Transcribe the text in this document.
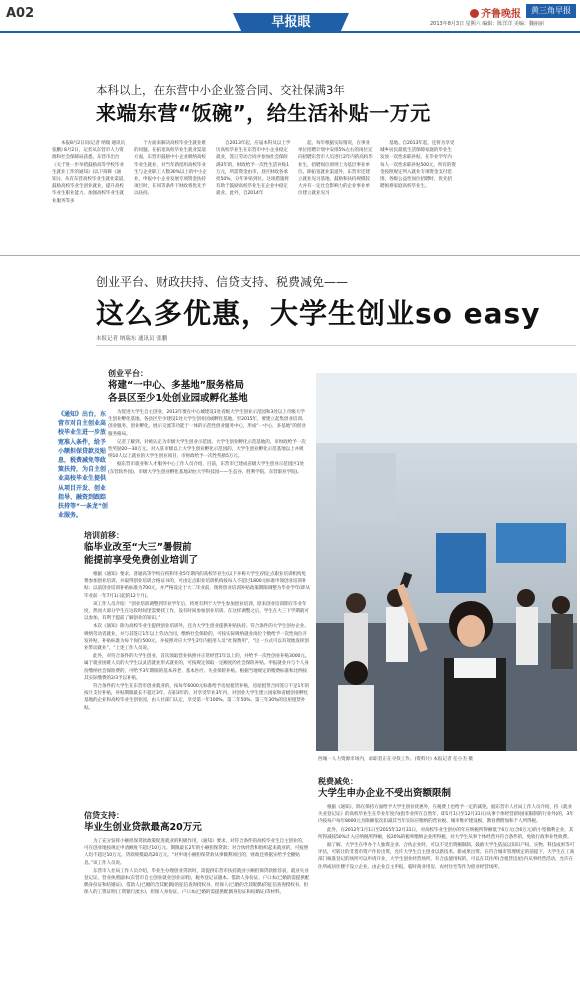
A02
2013年8月3日 星期六 编辑：陈洋洋 美编：魏丽丽
早报眼
齐鲁晚报	黄三角早报
本科以上，在东营中小企业签合同、交社保满3年
来端东营“饭碗”，给生活补贴一万元

本报8月2日讯(记者 纳瑞 通讯员 张鹏) 8月2日，记者从东营市人力资源和社会保障局获悉，东营市出台《关于进一步举措鼓励高等学校毕业生就业工作的通知》(以下简称《通知》)，从有东营高校毕业生就业渠道，鼓励高校毕业生创业就业，提升高校毕业生职业能力，加强高校毕业生就业服务等多

个方面来解决高校毕业生就业难的问题。在拓宽高校毕业生就业渠道方面，东营市鼓励中小企业吸纳高校毕业生就业，对当年新招用高校毕业生与企业职工人数30%以上的中小企业，申报中小企业发展专项资金扶持项目时，在同等条件下财政将优先予以扶持。

自2013年起，应届本科及以上学历高校毕业生在东营市中小企业稳定就业，签订劳动合同并参加社会保险满3年的，财政给予一次性生活补贴1万元，所需资金由市、县区财政各承担50%，分年补贴到位。这项措施将有助于鼓励高校毕业生在企业中稳定就业。此外，自2014年

起，每年根据实际情况，在事业单位招聘计划中安排5%左右的岗位定向招聘东营市人员进行2年内的高校毕业生，招聘岗位原则上为基层事业单位。除拓宽就业渠道外，东营市还建立就业见习基地，鼓励和扶持规模较大并有一定社会影响力的企业事业单位建立就业见习

基地。自2013年起，还将为享受城乡居民最低生活保障家庭的毕业生发放一次性求职补贴，在毕业学年内每人一次性求职补贴500元，所有的资金按照规定列入就业专项资金支付范围，各级公益性岗位招聘时，优先招聘困难家庭高校毕业生。

创业平台、财政扶持、信贷支持、税费减免——
这么多优惠，大学生创业so easy
本报记者 纳瑞东 通讯员 张鹏
《通知》出台，东营市对自主创业高校毕业生进一步放宽准入条件，给予小额担保贷款及贴息，税费减免等政策扶持，为自主创业高校毕业生提供从项目开发、创业指导、融资到跟踪扶持等“一条龙”创业服务。
创业平台：
将建“一中心、多基地”服务格局
各县区至少1处创业园或孵化基地

为促进大学生自主创业，2013年要在中心城建设1处省级大学生创业示范园和3处以上市级大学生创业孵化基地，各县区至少建设1处大学生创业园或孵化基地。至2015年，要建立起集创业培训、创业服务、创业孵化、展示交流等功能于一体的示范性创业服务中心，形成“一中心、多基地”的创业服务格局。

记者了解到，对被认定为市级大学生创业示范园、大学生创业孵化示范基地的，市财政给予一次性奖励20—30万元。对入驻市级以上大学生创业孵化示范园的，大学生创业孵化示范基地以上并吸纳10人以上就业的大学生创业项目，市财政给予一次性奖励5万元。

据东营市就业和人才服务中心工作人员介绍，目前，东营市已建成省级大学生创业示范园区1处(东营软件园)，市级大学生创业孵化基地3处(大学科技园——生态谷、胜利学院、东营职业学院)。

培训前移：
临毕业改至“大三”暑假前
能提前享受免费创业培训了

根据《通知》要求，普通高等学校在校和毕业5年期内的高校毕业生(以下并称大学生)到定点职业培训机构免费参加创业培训，并取得创业培训合格证书的，可由定点职业培训机构按每人不超过1800元标准申领创业培训补贴；以前创业培训补贴标准为700元，并严格设定于大二毕业前，现将创业培训补贴政策期限调整为毕业学年(即从毕业前一年7月1日起的12个月)。

该工作人员介绍：“创业培训调整到毕业学年后，将更有利于大学生参加创业培训，原来创业培训期在毕业年度，然而大部分学生在这段时间里需要找工作，没有时间参加创业培训。在这样调整之后，学生在大三下学期就可以参加，有利于提前了解创业的知识。”

本次《通知》除为高校毕业生提供创业培训外，还为大学生创业提供补贴扶持。符合条件的大学生创办企业、吸纳劳动者就业，并与其签订1年以上劳动合同，缴纳社会保险的，可按实际吸纳就业岗位个数给予一次性岗位开发补贴，补贴标准为每个岗位500元。并按照对应大学生2年内租用人员“社保费用”，“这一方式可以有效地发挥创业带动就业”，“上述工作人员说。

此外，对符合条件的大学生创业，首次领取营业执照并正常经营1年以上的，并给予一次性创业补贴3000元。属于就业困难人员的大学生以灵活就业形式就业的，可按规定领取一定额度的社会保险补贴。申报就业并与个人身份缴纳社会保险费的，可给予3年期限的基本养老、基本医疗、失业保险补贴。根据当地规定的缴费标准和比例按其实际缴费的2/3予以补贴。

符合条件的大学生在东营市创业就业的，按每年6000元标准给予房屋租赁补贴，房屋租赁合同签订不足1年的按月支付补贴，补贴期限最长不超过3年，在职3年的，对享受毕业3年内，对创业大学生建立国家和省级创业孵化基地的企业和高校毕业生创业园，由人社部门认定，享受第一年100%、第二年50%、第三年30%的房屋租赁补贴。

信贷支持：
毕业生创业贷款最高20万元

为了充分发挥小额担保贷款政策促进就业的积极作用，《通知》要求，对符合条件的高校毕业生自主创业的，可在创业地按规定申请额度不超过10万元、期限最长2年的小额担保贷款；对合伙经营和组织起来就业的，可按照人均不超过10万元、贷款规模最高20万元。“对申请小额担保贷款从事微利项目的，财政还将据实给予全额贴息。”该工作人员说。

东营市人社局工作人员介绍，毕业生办理创业贷款时，需提供东营市扶持就业小额担保贷款推荐表，就业失业登记证，营业执照副本(东营市自主创业就业创业证明)，税务登记证副本、借款人身份证、户口本(已婚的需提供配偶身份证和结婚证)，借款人(已婚的含其配偶)的征信查询授权书，担保人(已婚的含其配偶)的征信查询授权书，担保人的工资证明(工资银行流水)，担保人身份证，户口本(已婚的需提供配偶身份证和结婚证)等材料。

西城一人力资源市场内，求职者正在寻找工作。(资料片) 本报记者 任小杰 摄
税费减免：
大学生申办企业不受出资额限制

根据《通知》，除在保持方面给予大学生创业优惠外，在税费上也给予一定的减免。据东营市人社局工作人员介绍，持《就业失业登记证》的高校毕业生在毕业年度内(指毕业所在自然年，即1月1日至12月31日)从事个体经营(除国家限制的行业外)的，3年内按每户每年8000元为限额依次扣减其当年实际应缴纳的营业税、城市维护建设税、教育费附加和个人所得税。

此外，在2012年1月1日至2015年12月31日，对高校毕业生创办的年应纳税所得额低于6万元(含6万元)的小型微利企业，其所得减按50%计入应纳税所得额，按20%的税率缴纳企业所得税，对大学生从事个体经营并符合条件的，免收行政事业性收费。

据了解，大学生在申办个人独资企业、合伙企业时，可以不受出资额限制。鼓励大学生依法以知识产权、实物、科技成果等可评估，可转让的非货币资产作价出资，允许大学生自主创业以新技术、新成果出资。在符合城市管理规定的前提下，大学生在工商部门核准登记的场所可以申请开业，大学生创业经营场所，有合法使用权的，可以在其住所(含租赁房屋)内从事经营活动，允许在住所或居住楼宇设立企业，由企业自主申报，临时商业用房、农村住宅等作为创业经营场所。
